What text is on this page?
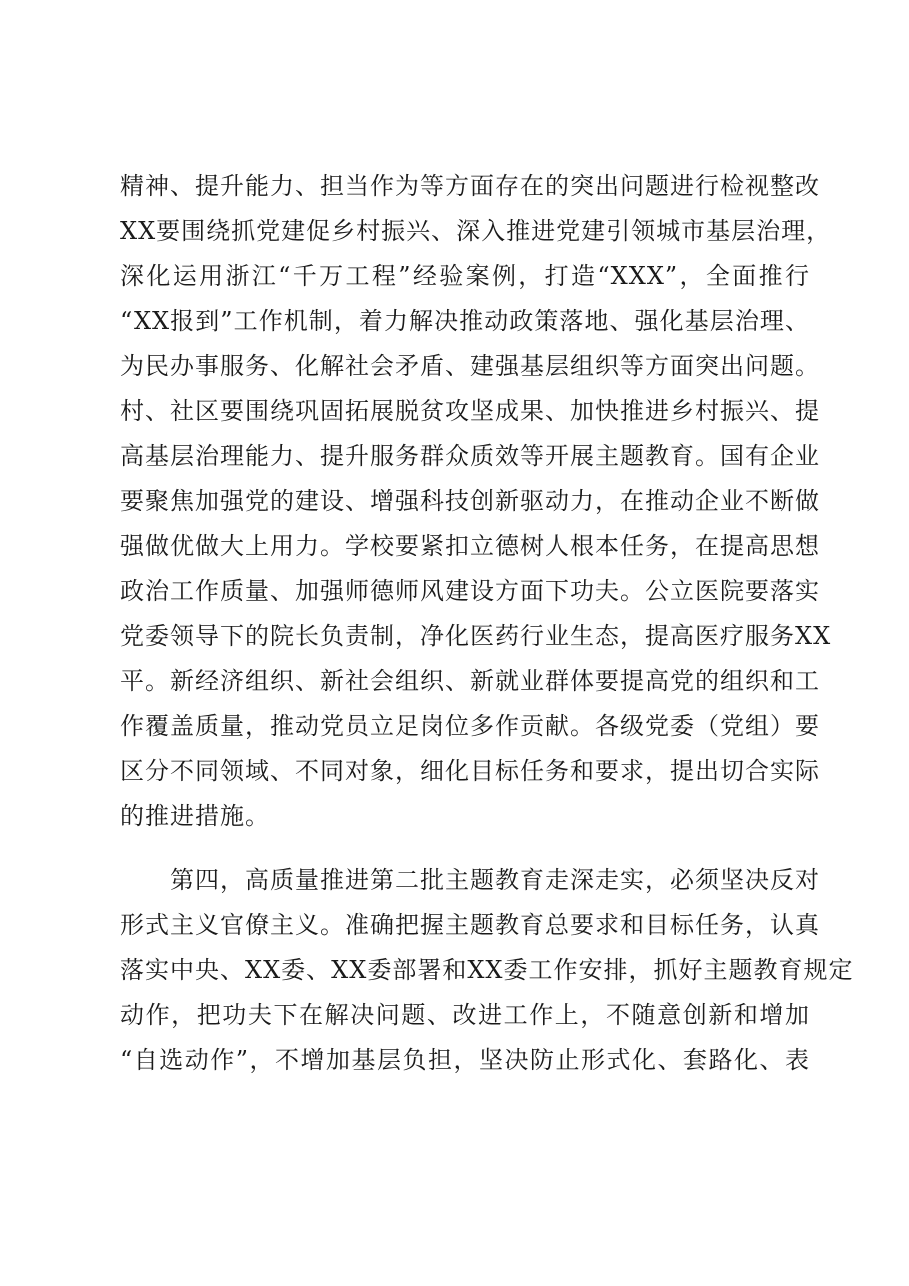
精神、提升能力、担当作为等方面存在的突出问题进行检视整改
XX要围绕抓党建促乡村振兴、深入推进党建引领城市基层治理，
深化运用浙江“千万工程”经验案例，打造“XXX”，全面推行
“XX报到”工作机制，着力解决推动政策落地、强化基层治理、
为民办事服务、化解社会矛盾、建强基层组织等方面突出问题。
村、社区要围绕巩固拓展脱贫攻坚成果、加快推进乡村振兴、提
高基层治理能力、提升服务群众质效等开展主题教育。国有企业
要聚焦加强党的建设、增强科技创新驱动力，在推动企业不断做
强做优做大上用力。学校要紧扣立德树人根本任务，在提高思想
政治工作质量、加强师德师风建设方面下功夫。公立医院要落实
党委领导下的院长负责制，净化医药行业生态，提高医疗服务XX
平。新经济组织、新社会组织、新就业群体要提高党的组织和工
作覆盖质量，推动党员立足岗位多作贡献。各级党委（党组）要
区分不同领域、不同对象，细化目标任务和要求，提出切合实际
的推进措施。
第四，高质量推进第二批主题教育走深走实，必须坚决反对
形式主义官僚主义。准确把握主题教育总要求和目标任务，认真
落实中央、XX委、XX委部署和XX委工作安排，抓好主题教育规定
动作，把功夫下在解决问题、改进工作上，不随意创新和增加
“自选动作”，不增加基层负担，坚决防止形式化、套路化、表
